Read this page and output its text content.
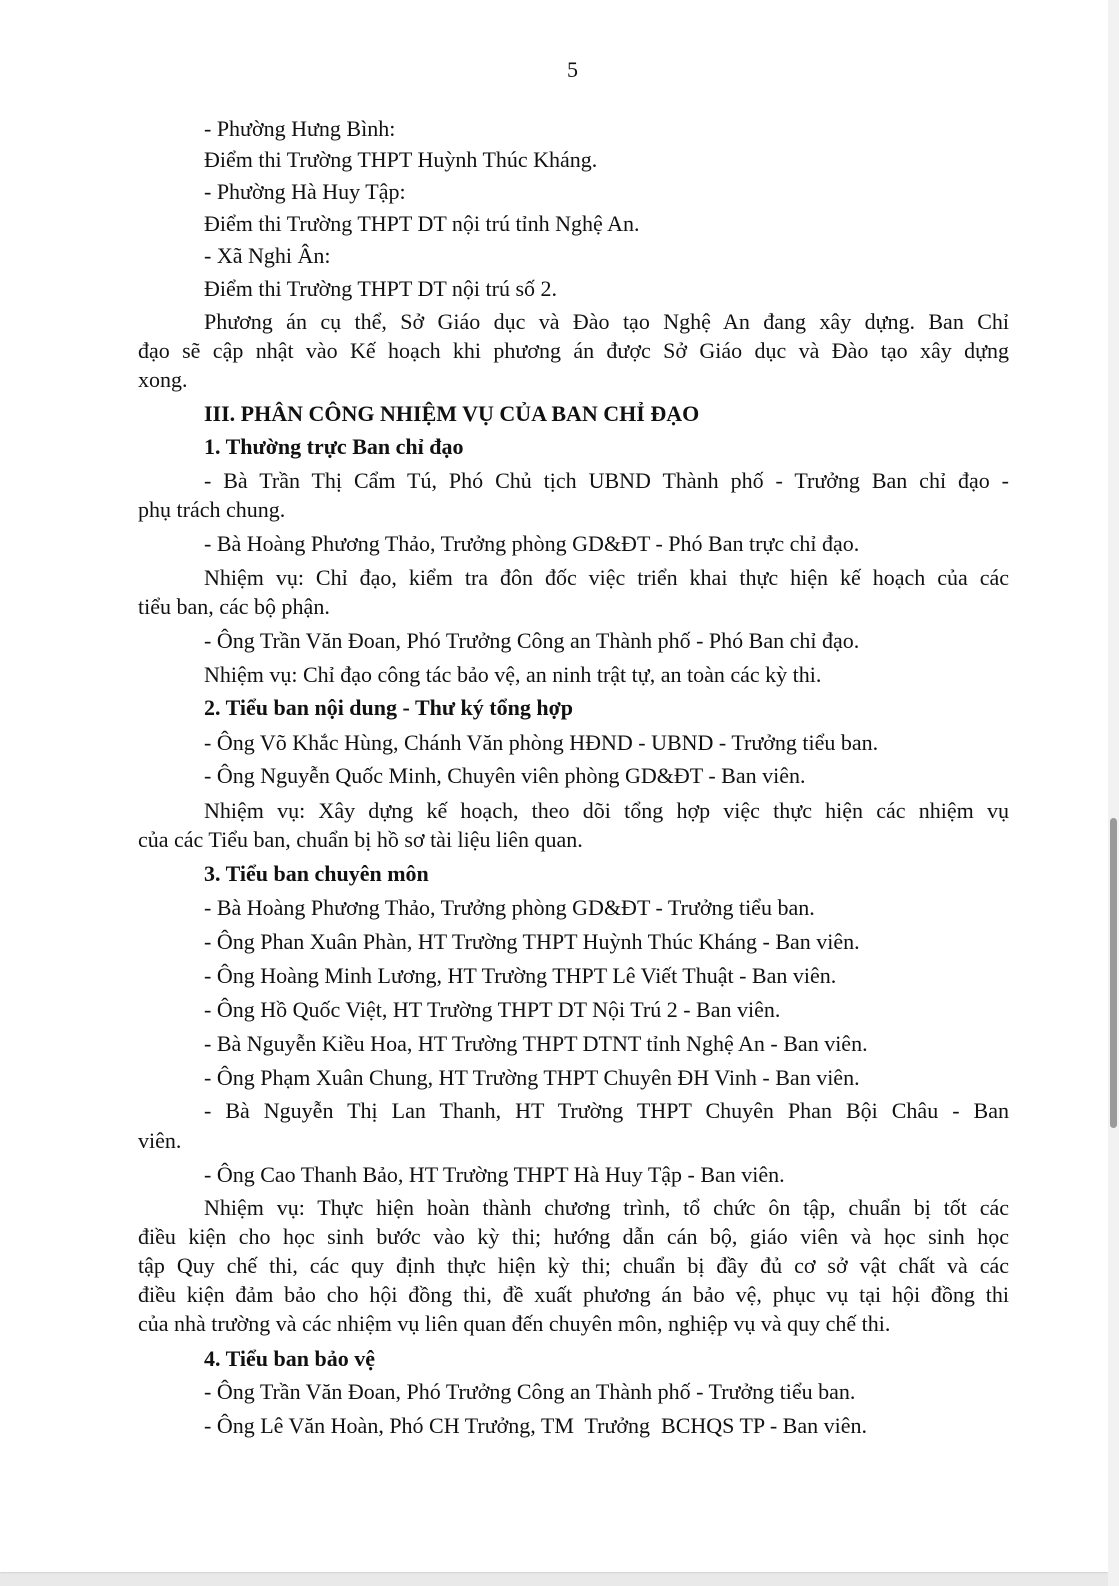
5

- Phường Hưng Bình:

Điểm thi Trường THPT Huỳnh Thúc Kháng.

- Phường Hà Huy Tập:

Điểm thi Trường THPT DT nội trú tỉnh Nghệ An.

- Xã Nghi Ân:

Điểm thi Trường THPT DT nội trú số 2.

Phương án cụ thể, Sở Giáo dục và Đào tạo Nghệ An đang xây dựng. Ban Chỉ

đạo sẽ cập nhật vào Kế hoạch khi phương án được Sở Giáo dục và Đào tạo xây dựng

xong.

III. PHÂN CÔNG NHIỆM VỤ CỦA BAN CHỈ ĐẠO

1. Thường trực Ban chỉ đạo

- Bà Trần Thị Cẩm Tú, Phó Chủ tịch UBND Thành phố - Trưởng Ban chỉ đạo -

phụ trách chung.

- Bà Hoàng Phương Thảo, Trưởng phòng GD&ĐT - Phó Ban trực chỉ đạo.

Nhiệm vụ: Chỉ đạo, kiểm tra đôn đốc việc triển khai thực hiện kế hoạch của các

tiểu ban, các bộ phận.

- Ông Trần Văn Đoan, Phó Trưởng Công an Thành phố - Phó Ban chỉ đạo.

Nhiệm vụ: Chỉ đạo công tác bảo vệ, an ninh trật tự, an toàn các kỳ thi.

2. Tiểu ban nội dung - Thư ký tổng hợp

- Ông Võ Khắc Hùng, Chánh Văn phòng HĐND - UBND - Trưởng tiểu ban.

- Ông Nguyễn Quốc Minh, Chuyên viên phòng GD&ĐT - Ban viên.

Nhiệm vụ: Xây dựng kế hoạch, theo dõi tổng hợp việc thực hiện các nhiệm vụ

của các Tiểu ban, chuẩn bị hồ sơ tài liệu liên quan.

3. Tiểu ban chuyên môn

- Bà Hoàng Phương Thảo, Trưởng phòng GD&ĐT - Trưởng tiểu ban.

- Ông Phan Xuân Phàn, HT Trường THPT Huỳnh Thúc Kháng - Ban viên.

- Ông Hoàng Minh Lương, HT Trường THPT Lê Viết Thuật - Ban viên.

- Ông Hồ Quốc Việt, HT Trường THPT DT Nội Trú 2 - Ban viên.

- Bà Nguyễn Kiều Hoa, HT Trường THPT DTNT tỉnh Nghệ An - Ban viên.

- Ông Phạm Xuân Chung, HT Trường THPT Chuyên ĐH Vinh - Ban viên.

- Bà Nguyễn Thị Lan Thanh, HT Trường THPT Chuyên Phan Bội Châu - Ban

viên.

- Ông Cao Thanh Bảo, HT Trường THPT Hà Huy Tập - Ban viên.

Nhiệm vụ: Thực hiện hoàn thành chương trình, tổ chức ôn tập, chuẩn bị tốt các

điều kiện cho học sinh bước vào kỳ thi; hướng dẫn cán bộ, giáo viên và học sinh học

tập Quy chế thi, các quy định thực hiện kỳ thi; chuẩn bị đầy đủ cơ sở vật chất và các

điều kiện đảm bảo cho hội đồng thi, đề xuất phương án bảo vệ, phục vụ tại hội đồng thi

của nhà trường và các nhiệm vụ liên quan đến chuyên môn, nghiệp vụ và quy chế thi.

4. Tiểu ban bảo vệ

- Ông Trần Văn Đoan, Phó Trưởng Công an Thành phố - Trưởng tiểu ban.

- Ông Lê Văn Hoàn, Phó CH Trưởng, TM  Trưởng  BCHQS TP - Ban viên.
